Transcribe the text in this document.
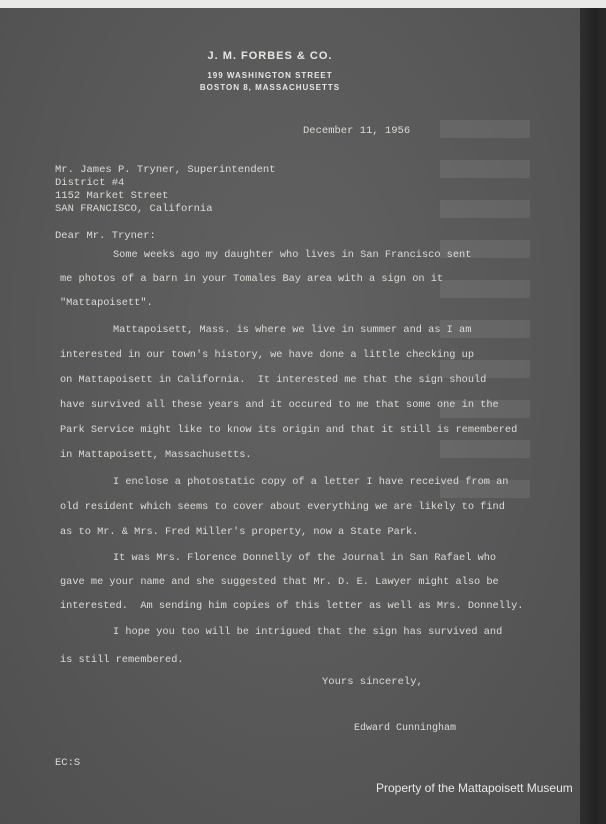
J. M. FORBES & CO.
199 WASHINGTON STREET
BOSTON 8, MASSACHUSETTS
December 11, 1956
Mr. James P. Tryner, Superintendent
District #4
1152 Market Street
SAN FRANCISCO, California
Dear Mr. Tryner:
Some weeks ago my daughter who lives in San Francisco sent
me photos of a barn in your Tomales Bay area with a sign on it
"Mattapoisett".
Mattapoisett, Mass. is where we live in summer and as I am
interested in our town's history, we have done a little checking up
on Mattapoisett in California.  It interested me that the sign should
have survived all these years and it occured to me that some one in the
Park Service might like to know its origin and that it still is remembered
in Mattapoisett, Massachusetts.
I enclose a photostatic copy of a letter I have received from an
old resident which seems to cover about everything we are likely to find
as to Mr. & Mrs. Fred Miller's property, now a State Park.
It was Mrs. Florence Donnelly of the Journal in San Rafael who
gave me your name and she suggested that Mr. D. E. Lawyer might also be
interested.  Am sending him copies of this letter as well as Mrs. Donnelly.
I hope you too will be intrigued that the sign has survived and
is still remembered.
Yours sincerely,
Edward Cunningham
EC:S
Property of the Mattapoisett Museum
